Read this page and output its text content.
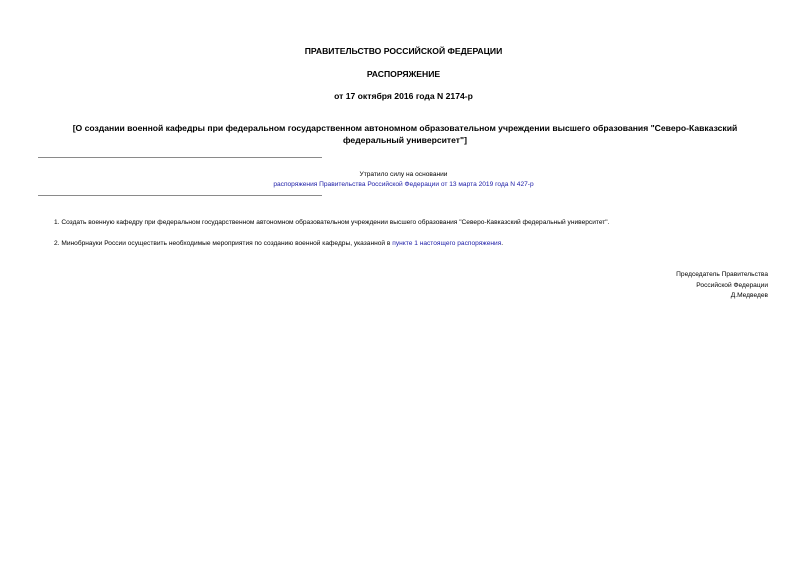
ПРАВИТЕЛЬСТВО РОССИЙСКОЙ ФЕДЕРАЦИИ
РАСПОРЯЖЕНИЕ
от 17 октября 2016 года N 2174-р
[О создании военной кафедры при федеральном государственном автономном образовательном учреждении высшего образования "Северо-Кавказский
федеральный университет"]
Утратило силу на основании
распоряжения Правительства Российской Федерации от 13 марта 2019 года N 427-р
1. Создать военную кафедру при федеральном государственном автономном образовательном учреждении высшего образования "Северо-Кавказский федеральный университет".
2. Минобрнауки России осуществить необходимые мероприятия по созданию военной кафедры, указанной в пункте 1 настоящего распоряжения.
Председатель Правительства
Российской Федерации
Д.Медведев
